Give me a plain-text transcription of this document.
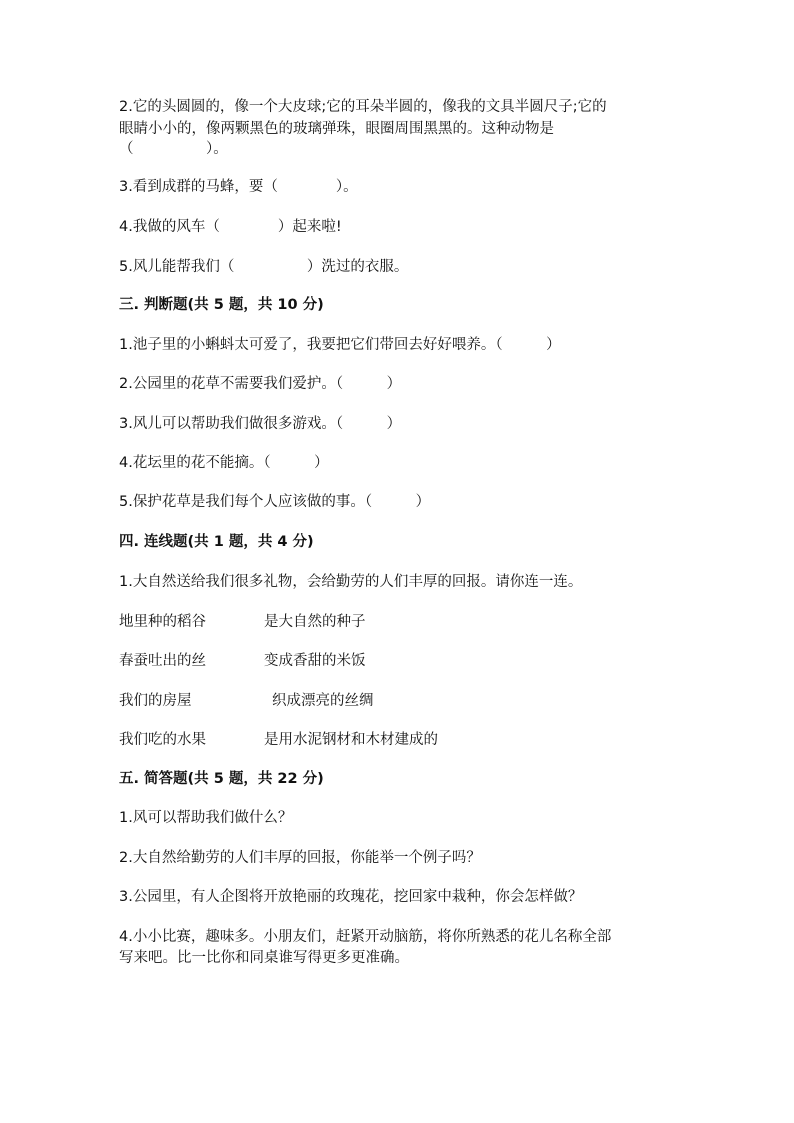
2.它的头圆圆的，像一个大皮球;它的耳朵半圆的，像我的文具半圆尺子;它的
眼睛小小的，像两颗黑色的玻璃弹珠，眼圈周围黑黑的。这种动物是
（　　　　　）。
3.看到成群的马蜂，要（　　　　）。
4.我做的风车（　　　　）起来啦!
5.风儿能帮我们（　　　　　）洗过的衣服。
三. 判断题(共 5 题，共 10 分)
1.池子里的小蝌蚪太可爱了，我要把它们带回去好好喂养。（　　　）
2.公园里的花草不需要我们爱护。（　　　）
3.风儿可以帮助我们做很多游戏。（　　　）
4.花坛里的花不能摘。（　　　）
5.保护花草是我们每个人应该做的事。（　　　）
四. 连线题(共 1 题，共 4 分)
1.大自然送给我们很多礼物，会给勤劳的人们丰厚的回报。请你连一连。
地里种的稻谷	是大自然的种子
春蚕吐出的丝	变成香甜的米饭
我们的房屋	织成漂亮的丝绸
我们吃的水果	是用水泥钢材和木材建成的
五. 简答题(共 5 题，共 22 分)
1.风可以帮助我们做什么？
2.大自然给勤劳的人们丰厚的回报，你能举一个例子吗？
3.公园里，有人企图将开放艳丽的玫瑰花，挖回家中栽种，你会怎样做？
4.小小比赛，趣味多。小朋友们，赶紧开动脑筋，将你所熟悉的花儿名称全部
写来吧。比一比你和同桌谁写得更多更准确。
